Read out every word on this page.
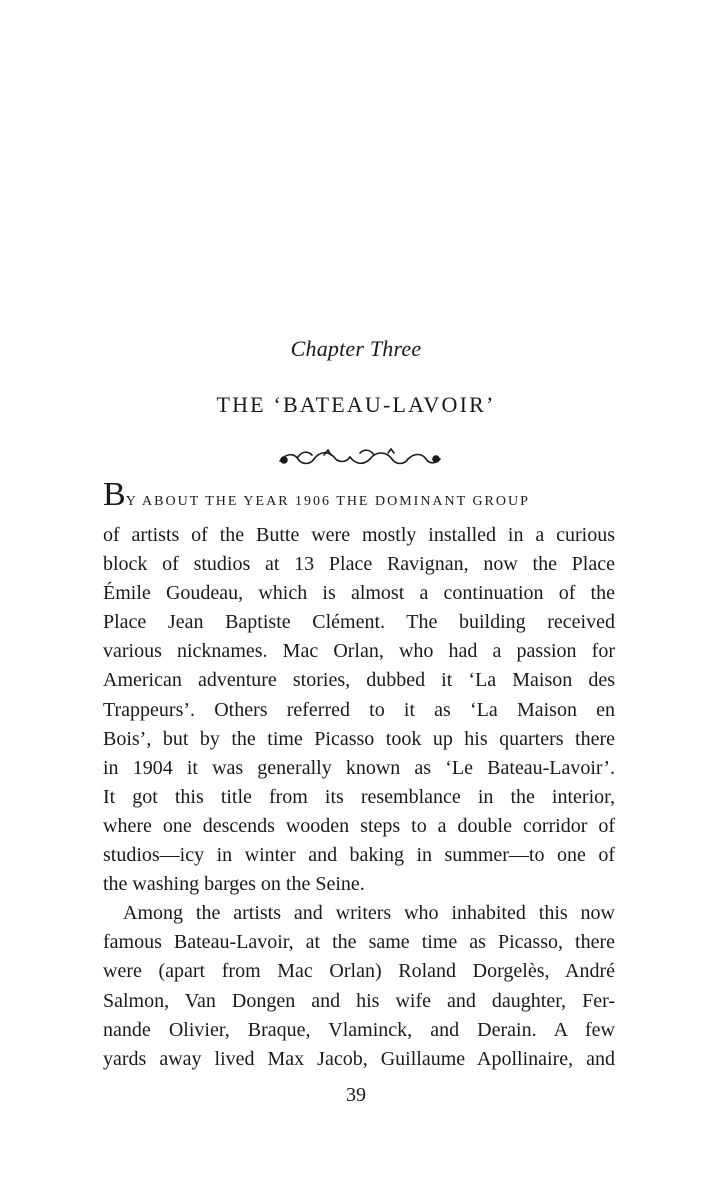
Chapter Three
THE ‘BATEAU-LAVOIR’
BY ABOUT THE YEAR 1906 THE DOMINANT GROUP
of artists of the Butte were mostly installed in a curious
block of studios at 13 Place Ravignan, now the Place
Émile Goudeau, which is almost a continuation of the
Place Jean Baptiste Clément. The building received
various nicknames. Mac Orlan, who had a passion for
American adventure stories, dubbed it ‘La Maison des
Trappeurs’. Others referred to it as ‘La Maison en
Bois’, but by the time Picasso took up his quarters there
in 1904 it was generally known as ‘Le Bateau-Lavoir’.
It got this title from its resemblance in the interior,
where one descends wooden steps to a double corridor of
studios—icy in winter and baking in summer—to one of
the washing barges on the Seine.
Among the artists and writers who inhabited this now
famous Bateau-Lavoir, at the same time as Picasso, there
were (apart from Mac Orlan) Roland Dorgelès, André
Salmon, Van Dongen and his wife and daughter, Fer-
nande Olivier, Braque, Vlaminck, and Derain. A few
yards away lived Max Jacob, Guillaume Apollinaire, and
39
